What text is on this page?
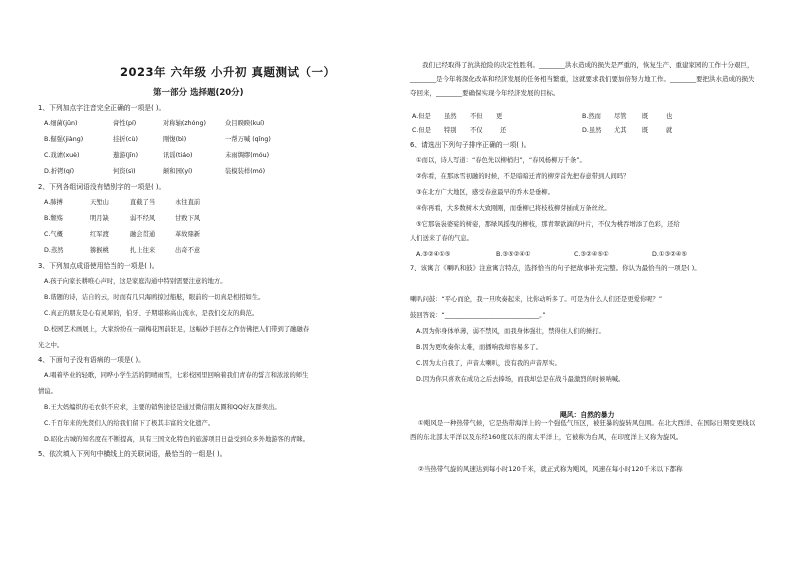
2023年 六年级 小升初 真题测试（一）
第一部分 选择题(20分)
1、下列加点字注音完全正确的一项是( )。
A.细菌(jūn)	膏性(pí)	对称轴(zhóng)	众目睽睽(kuí)
B.倔强(jiàng)	挂折(cù)	刚愎(bì)	一帮万喊 (qǐng)
C.戏谑(xuè)	遨游(Jīn)	讯谣(tiáo)	未雨绸缪(móu)
D.折铐(qí)	何资(sì)	颠和园(yí)	装模装样(mó)
2、下列各组词语没有错别字的一项是( )。
A.肺搏	天堑山	直截了当	永往直前
B.颓殇	明月缺	弱不经风	甘败下风
C.气概	红军渡	融会贯通	革故鼎新
D.蒸然	猕猴桃	扎上往来	出奇不意
3、下列加点成语使用恰当的一项是( )。
A.孩子向家长耕唯心声时，这是家庭沟通中特别需要注意的地方。
B.谐题的诗，诘自的云，时而有几只海鸥掠过船舷，眼前的一切真是相招如生。
C.真正的朋友是心有灵犀的，伯牙、子期堪称高山流水，是我们交友的典范。
D.校园艺术画展上，大家纷纷在一副梅花图前驻足，这幅妙手回春之作仿佛把人们带到了融融春
光之中。
4、下面句子没有语病的一项是( )。
A.唱着毕业的轻歌，同哗小学生活的阴晴雨雪，七彩校园里回响着我们青春的誓言和浓浓的师生
情谊。
B.王大妈编织的毛衣供不应求，主要的销售途径是通过微信朋友圈和QQ好友群卖出。
C.千百年来的先贤们人的给我们留下了极其丰富的文化遗产。
D.昭化古城的知名度在不断提高，具有三国文化特色的旅游项目日益受到众多外地游客的青睐。
5、依次填入下列句中横线上的关联词语，最恰当的一组是( )。
我们已经取得了抗洪抢险的决定性胜利。________洪水造成的损失是严重的，恢复生产、重建家园的工作十分艰巨，________是今年将深化改革和经济发展的任务相当繁重，这就要求我们要加倍努力地工作。________要把洪水造成的损失夺回来，________要确保实现今年经济发展的目标。
A.但是 虽然 不但 更	B.然而 尽管 既	也
C.但是 特别 不仅	还	D.虽然 尤其 既	就
6、请选出下列句子排序正确的一项( )。
①而以，诗人写道：“春色先以柳梢归”，“春风杨柳万千条”。
②你看，在那冰雪初融的时候，不是暗暗迁青的柳芽首先把春意带到人间吗？
③在北方广大地区，感受春意最早的乔木是垂柳。
④你再看，大多数树木大致刚刚，而垂柳已将枝枝柳芽插成万条丝丝。
⑤它那袅袅婆娑的树姿，那绿风摇曳的柳枝，那青翠欲滴的叶片，不仅为桃吞增添了色彩，还给
人们送来了春的气息。
A.③②④①⑤	B.③⑤②④①	C.③②④⑤①	D.①③②④⑤
7、该寓言《喇叭和鼓》注意寓言特点，选择恰当的句子把故事补充完整。你认为最恰当的一项是( )。
喇叭问鼓：“平心而论，我一旦吹奏起来，比你动听多了。可是为什么人们还是更爱你呢？”
鼓回答说：“______________________________。”
A.因为你身体单薄，弱不禁风，而我身体强壮，禁得住人们的捶打。
B.因为更吹奏你太难，而播响我却容易多了。
C.因为太自我了，声音太喇叭，没有我的声音厚实。
D.因为你只喜欢在成功之后去捧场，而我却总是在战斗最激烈的时候呐喊。
飓风：自然的暴力
①飓风是一种热带气候，它是热带海洋上的一个强低气压区，被狂暴的旋转风包围。在北大西洋、在国际日期变更线以西的东北部太平洋以及东经160度以东的南太平洋上，它被称为台风，在印度洋上又称为旋风。
②当热带气旋的风速达到每小时120千米，就正式称为飓风，风速在每小时120千米以下都称
